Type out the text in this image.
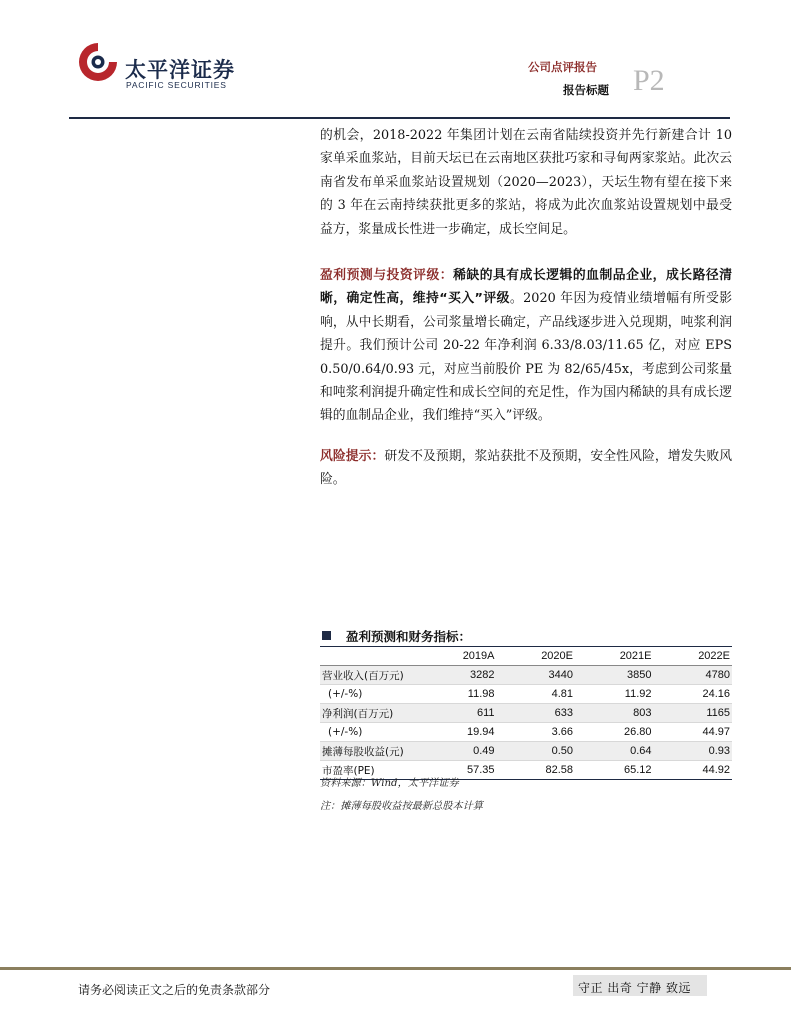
太平洋证券
PACIFIC SECURITIES
公司点评报告
报告标题 P2

的机会，2018-2022 年集团计划在云南省陆续投资并先行新建合计 10 家单采血浆站，目前天坛已在云南地区获批巧家和寻甸两家浆站。此次云南省发布单采血浆站设置规划（2020—2023），天坛生物有望在接下来的 3 年在云南持续获批更多的浆站，将成为此次血浆站设置规划中最受益方，浆量成长性进一步确定，成长空间足。

盈利预测与投资评级：稀缺的具有成长逻辑的血制品企业，成长路径清晰，确定性高，维持“买入”评级。2020 年因为疫情业绩增幅有所受影响，从中长期看，公司浆量增长确定，产品线逐步进入兑现期，吨浆利润提升。我们预计公司 20-22 年净利润 6.33/8.03/11.65 亿，对应 EPS 0.50/0.64/0.93 元，对应当前股价 PE 为 82/65/45x，考虑到公司浆量和吨浆利润提升确定性和成长空间的充足性，作为国内稀缺的具有成长逻辑的血制品企业，我们维持“买入”评级。

风险提示：研发不及预期，浆站获批不及预期，安全性风险，增发失败风险。

盈利预测和财务指标：
	2019A	2020E	2021E	2022E
营业收入(百万元)	3282	3440	3850	4780
(+/-%)	11.98	4.81	11.92	24.16
净利润(百万元)	611	633	803	1165
(+/-%)	19.94	3.66	26.80	44.97
摊薄每股收益(元)	0.49	0.50	0.64	0.93
市盈率(PE)	57.35	82.58	65.12	44.92
资料来源：Wind，太平洋证券
注：摊薄每股收益按最新总股本计算
请务必阅读正文之后的免责条款部分	守正 出奇 宁静 致远
